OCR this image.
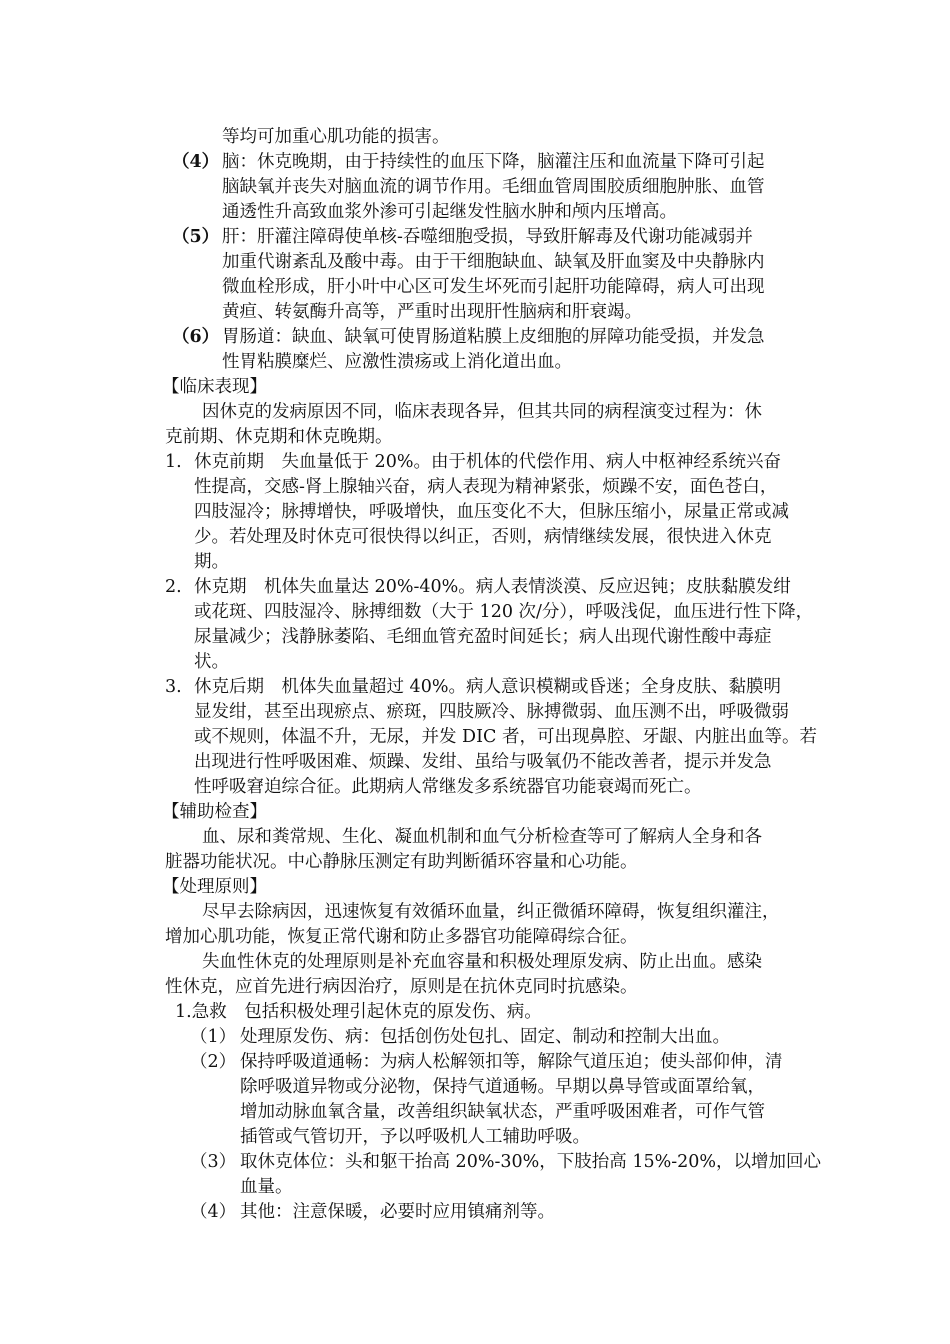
等均可加重心肌功能的损害。
（4） 脑：休克晚期，由于持续性的血压下降，脑灌注压和血流量下降可引起
脑缺氧并丧失对脑血流的调节作用。毛细血管周围胶质细胞肿胀、血管
通透性升高致血浆外渗可引起继发性脑水肿和颅内压增高。
（5） 肝：肝灌注障碍使单核-吞噬细胞受损，导致肝解毒及代谢功能减弱并
加重代谢紊乱及酸中毒。由于干细胞缺血、缺氧及肝血窦及中央静脉内
微血栓形成，肝小叶中心区可发生坏死而引起肝功能障碍，病人可出现
黄疸、转氨酶升高等，严重时出现肝性脑病和肝衰竭。
（6） 胃肠道：缺血、缺氧可使胃肠道粘膜上皮细胞的屏障功能受损，并发急
性胃粘膜糜烂、应激性溃疡或上消化道出血。
【临床表现】
因休克的发病原因不同，临床表现各异，但其共同的病程演变过程为：休
克前期、休克期和休克晚期。
1. 休克前期　失血量低于 20%。由于机体的代偿作用、病人中枢神经系统兴奋
性提高，交感-肾上腺轴兴奋，病人表现为精神紧张，烦躁不安，面色苍白，
四肢湿冷；脉搏增快，呼吸增快，血压变化不大，但脉压缩小，尿量正常或减
少。若处理及时休克可很快得以纠正，否则，病情继续发展，很快进入休克
期。
2. 休克期　机体失血量达 20%-40%。病人表情淡漠、反应迟钝；皮肤黏膜发绀
或花斑、四肢湿冷、脉搏细数（大于 120 次/分），呼吸浅促，血压进行性下降，
尿量减少；浅静脉萎陷、毛细血管充盈时间延长；病人出现代谢性酸中毒症
状。
3. 休克后期　机体失血量超过 40%。病人意识模糊或昏迷；全身皮肤、黏膜明
显发绀，甚至出现瘀点、瘀斑，四肢厥冷、脉搏微弱、血压测不出，呼吸微弱
或不规则，体温不升，无尿，并发 DIC 者，可出现鼻腔、牙龈、内脏出血等。若
出现进行性呼吸困难、烦躁、发绀、虽给与吸氧仍不能改善者，提示并发急
性呼吸窘迫综合征。此期病人常继发多系统器官功能衰竭而死亡。
【辅助检查】
血、尿和粪常规、生化、凝血机制和血气分析检查等可了解病人全身和各
脏器功能状况。中心静脉压测定有助判断循环容量和心功能。
【处理原则】
尽早去除病因，迅速恢复有效循环血量，纠正微循环障碍，恢复组织灌注，
增加心肌功能，恢复正常代谢和防止多器官功能障碍综合征。
失血性休克的处理原则是补充血容量和积极处理原发病、防止出血。感染
性休克，应首先进行病因治疗，原则是在抗休克同时抗感染。
1.急救　包括积极处理引起休克的原发伤、病。
（1） 处理原发伤、病：包括创伤处包扎、固定、制动和控制大出血。
（2） 保持呼吸道通畅：为病人松解领扣等，解除气道压迫；使头部仰伸，清
除呼吸道异物或分泌物，保持气道通畅。早期以鼻导管或面罩给氧，
增加动脉血氧含量，改善组织缺氧状态，严重呼吸困难者，可作气管
插管或气管切开，予以呼吸机人工辅助呼吸。
（3） 取休克体位：头和躯干抬高 20%-30%，下肢抬高 15%-20%，以增加回心
血量。
（4） 其他：注意保暖，必要时应用镇痛剂等。
